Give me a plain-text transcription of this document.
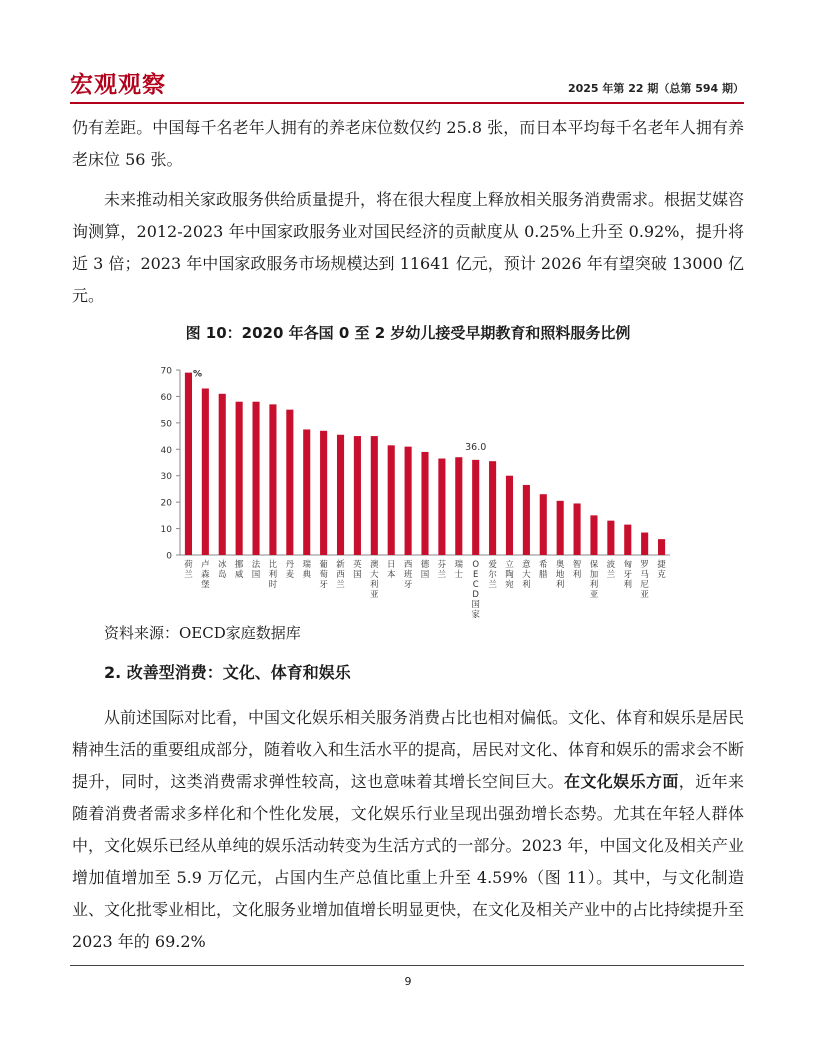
宏观观察	2025 年第 22 期（总第 594 期）

仍有差距。中国每千名老年人拥有的养老床位数仅约 25.8 张，而日本平均每千名老年人拥有养老床位 56 张。

未来推动相关家政服务供给质量提升，将在很大程度上释放相关服务消费需求。根据艾媒咨询测算，2012-2023 年中国家政服务业对国民经济的贡献度从 0.25%上升至 0.92%，提升将近 3 倍；2023 年中国家政服务市场规模达到 11641 亿元，预计 2026 年有望突破 13000 亿元。

图 10：2020 年各国 0 至 2 岁幼儿接受早期教育和照料服务比例
0
10
20
30
40
50
60
70
荷兰
卢森堡
冰岛
挪威
法国
比利时
丹麦
瑞典
葡萄牙
新西兰
英国
澳大利亚
日本
西班牙
德国
芬兰
瑞士
O E C D 国家
36.0
爱尔兰
立陶宛
意大利
希腊
奥地利
智利
保加利亚
波兰
匈牙利
罗马尼亚
捷克
%
资料来源：OECD家庭数据库
2. 改善型消费：文化、体育和娱乐

从前述国际对比看，中国文化娱乐相关服务消费占比也相对偏低。文化、体育和娱乐是居民精神生活的重要组成部分，随着收入和生活水平的提高，居民对文化、体育和娱乐的需求会不断提升，同时，这类消费需求弹性较高，这也意味着其增长空间巨大。在文化娱乐方面，近年来随着消费者需求多样化和个性化发展，文化娱乐行业呈现出强劲增长态势。尤其在年轻人群体中，文化娱乐已经从单纯的娱乐活动转变为生活方式的一部分。2023 年，中国文化及相关产业增加值增加至 5.9 万亿元，占国内生产总值比重上升至 4.59%（图 11）。其中，与文化制造业、文化批零业相比，文化服务业增加值增长明显更快，在文化及相关产业中的占比持续提升至 2023 年的 69.2%

9
